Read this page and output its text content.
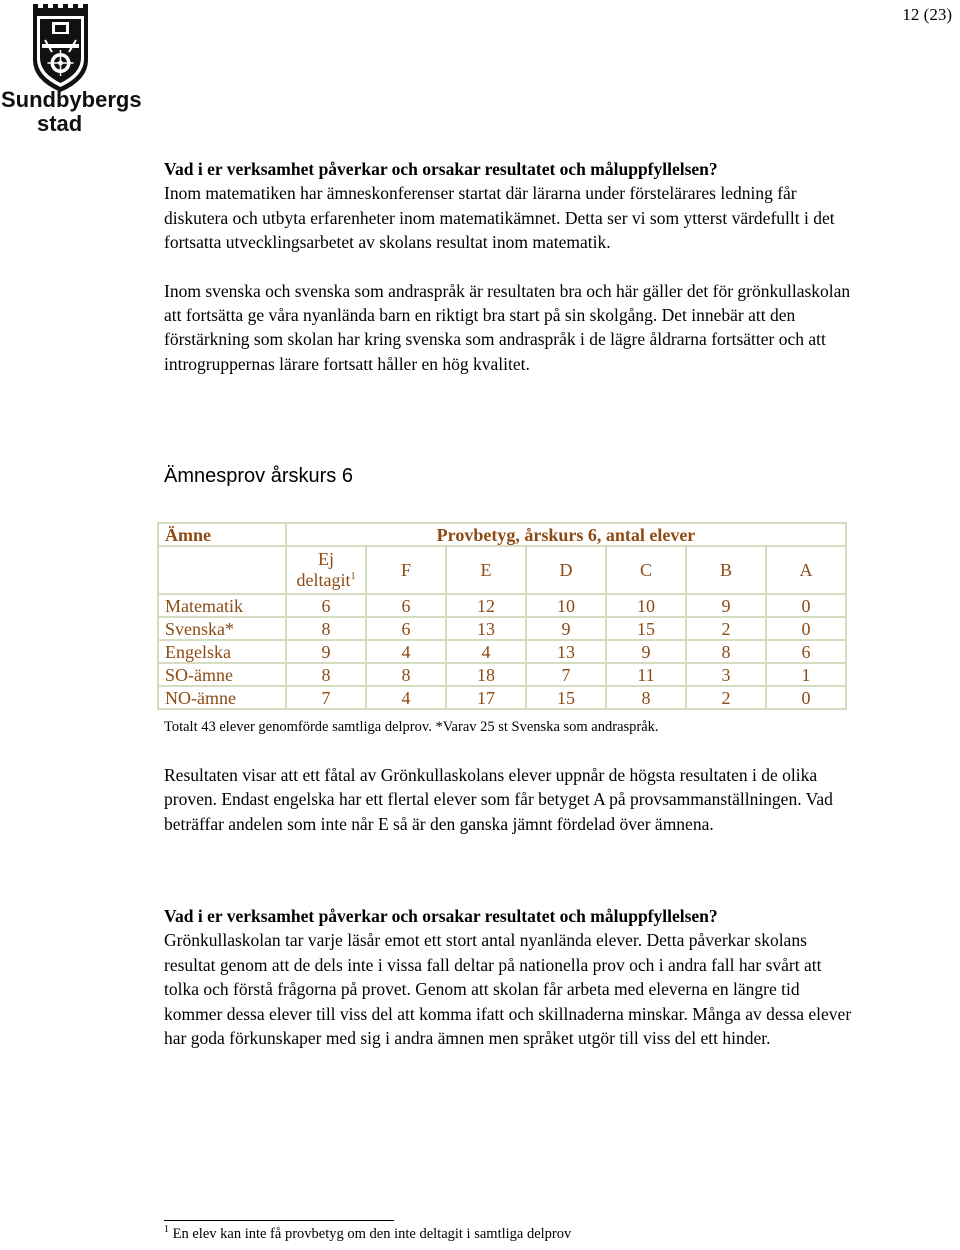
Sundbybergs
stad
12 (23)

Vad i er verksamhet påverkar och orsakar resultatet och måluppfyllelsen?

Inom matematiken har ämneskonferenser startat där lärarna under förstelärares ledning får diskutera och utbyta erfarenheter inom matematikämnet. Detta ser vi som ytterst värdefullt i det fortsatta utvecklingsarbetet av skolans resultat inom matematik.

Inom svenska och svenska som andraspråk är resultaten bra och här gäller det för grönkullaskolan att fortsätta ge våra nyanlända barn en riktigt bra start på sin skolgång. Det innebär att den förstärkning som skolan har kring svenska som andraspråk i de lägre åldrarna fortsätter och att introgruppernas lärare fortsatt håller en hög kvalitet.

Ämnesprov årskurs 6
Ämne	Provbetyg, årskurs 6, antal elever						
	Ej
deltagit$^1$	F	E	D	C	B	A
Matematik	6	6	12	10	10	9	0
Svenska*	8	6	13	9	15	2	0
Engelska	9	4	4	13	9	8	6
SO-ämne	8	8	18	7	11	3	1
NO-ämne	7	4	17	15	8	2	0
Totalt 43 elever genomförde samtliga delprov. *Varav 25 st Svenska som andraspråk.
Resultaten visar att ett fåtal av Grönkullaskolans elever uppnår de högsta resultaten i de olika proven. Endast engelska har ett flertal elever som får betyget A på provsammanställningen. Vad beträffar andelen som inte når E så är den ganska jämnt fördelad över ämnena.

Vad i er verksamhet påverkar och orsakar resultatet och måluppfyllelsen?

Grönkullaskolan tar varje läsår emot ett stort antal nyanlända elever. Detta påverkar skolans resultat genom att de dels inte i vissa fall deltar på nationella prov och i andra fall har svårt att tolka och förstå frågorna på provet. Genom att skolan får arbeta med eleverna en längre tid kommer dessa elever till viss del att komma ifatt och skillnaderna minskar. Många av dessa elever har goda förkunskaper med sig i andra ämnen men språket utgör till viss del ett hinder.

$^1$ En elev kan inte få provbetyg om den inte deltagit i samtliga delprov
